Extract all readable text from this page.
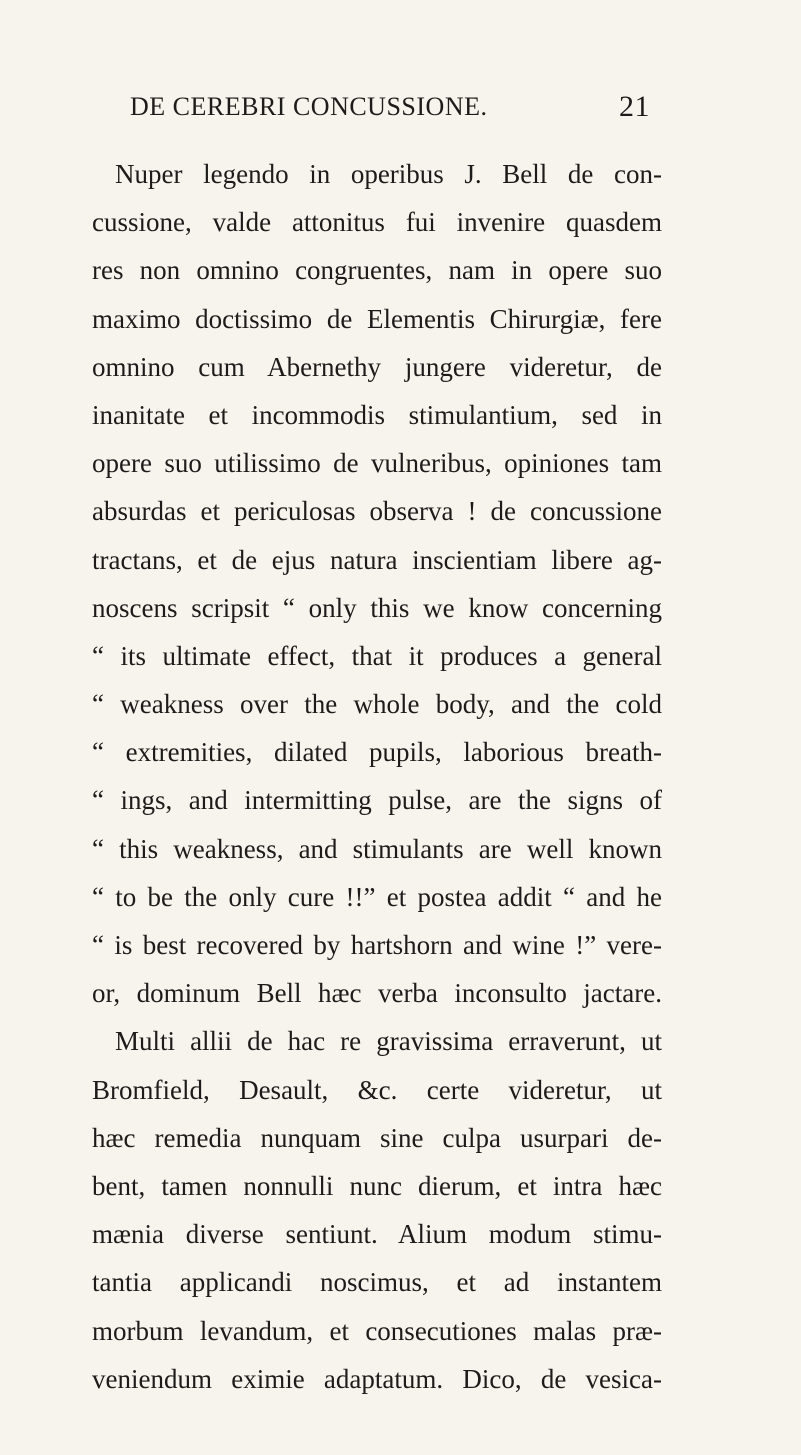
DE CEREBRI CONCUSSIONE.	21
Nuper legendo in operibus J. Bell de con-
cussione, valde attonitus fui invenire quasdem
res non omnino congruentes, nam in opere suo
maximo doctissimo de Elementis Chirurgiæ, fere
omnino cum Abernethy jungere videretur, de
inanitate et incommodis stimulantium, sed in
opere suo utilissimo de vulneribus, opiniones tam
absurdas et periculosas observa ! de concussione
tractans, et de ejus natura inscientiam libere ag-
noscens scripsit “ only this we know concerning
“ its ultimate effect, that it produces a general
“ weakness over the whole body, and the cold
“ extremities, dilated pupils, laborious breath-
“ ings, and intermitting pulse, are the signs of
“ this weakness, and stimulants are well known
“ to be the only cure !!” et postea addit “ and he
“ is best recovered by hartshorn and wine !” vere-
or, dominum Bell hæc verba inconsulto jactare.
Multi allii de hac re gravissima erraverunt, ut
Bromfield, Desault, &c. certe videretur, ut
hæc remedia nunquam sine culpa usurpari de-
bent, tamen nonnulli nunc dierum, et intra hæc
mænia diverse sentiunt. Alium modum stimu-
tantia applicandi noscimus, et ad instantem
morbum levandum, et consecutiones malas præ-
veniendum eximie adaptatum. Dico, de vesica-
